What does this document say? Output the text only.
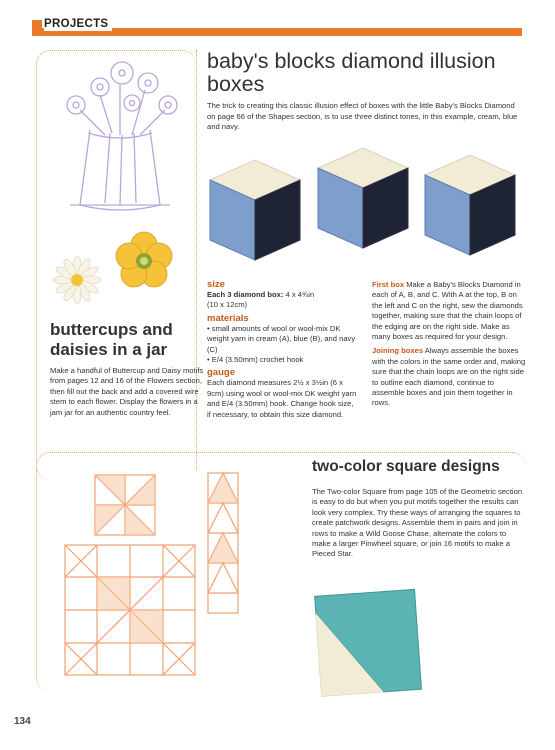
PROJECTS
baby's blocks diamond illusion boxes

The trick to creating this classic illusion effect of boxes with the little Baby's Blocks Diamond on page 66 of the Shapes section, is to use three distinct tones, in this example, cream, blue and navy.

buttercups and daisies in a jar

Make a handful of Buttercup and Daisy motifs from pages 12 and 16 of the Flowers section, then fill out the back and add a covered wire stem to each flower. Display the flowers in a jam jar for an authentic country feel.

size
Each 3 diamond box: 4 x 4¾in
(10 x 12cm)
materials
• small amounts of wool or wool-mix DK weight yarn in cream (A), blue (B), and navy (C)
• E/4 (3.50mm) crochet hook
gauge
Each diamond measures 2½ x 3½in (6 x 9cm) using wool or wool-mix DK weight yarn and E/4 (3.50mm) hook. Change hook size, if necessary, to obtain this size diamond.

First box Make a Baby's Blocks Diamond in each of A, B, and C. With A at the top, B on the left and C on the right, sew the diamonds together, making sure that the chain loops of the edging are on the right side. Make as many boxes as required for your design.

Joining boxes Always assemble the boxes with the colors in the same order and, making sure that the chain loops are on the right side to outline each diamond, continue to assemble boxes and join them together in rows.

two-color square designs

The Two-color Square from page 105 of the Geometric section is easy to do but when you put motifs together the results can look very complex. Try these ways of arranging the squares to create patchwork designs. Assemble them in pairs and join in rows to make a Wild Goose Chase, alternate the colors to make a larger Pinwheel square, or join 16 motifs to make a Pieced Star.

134
